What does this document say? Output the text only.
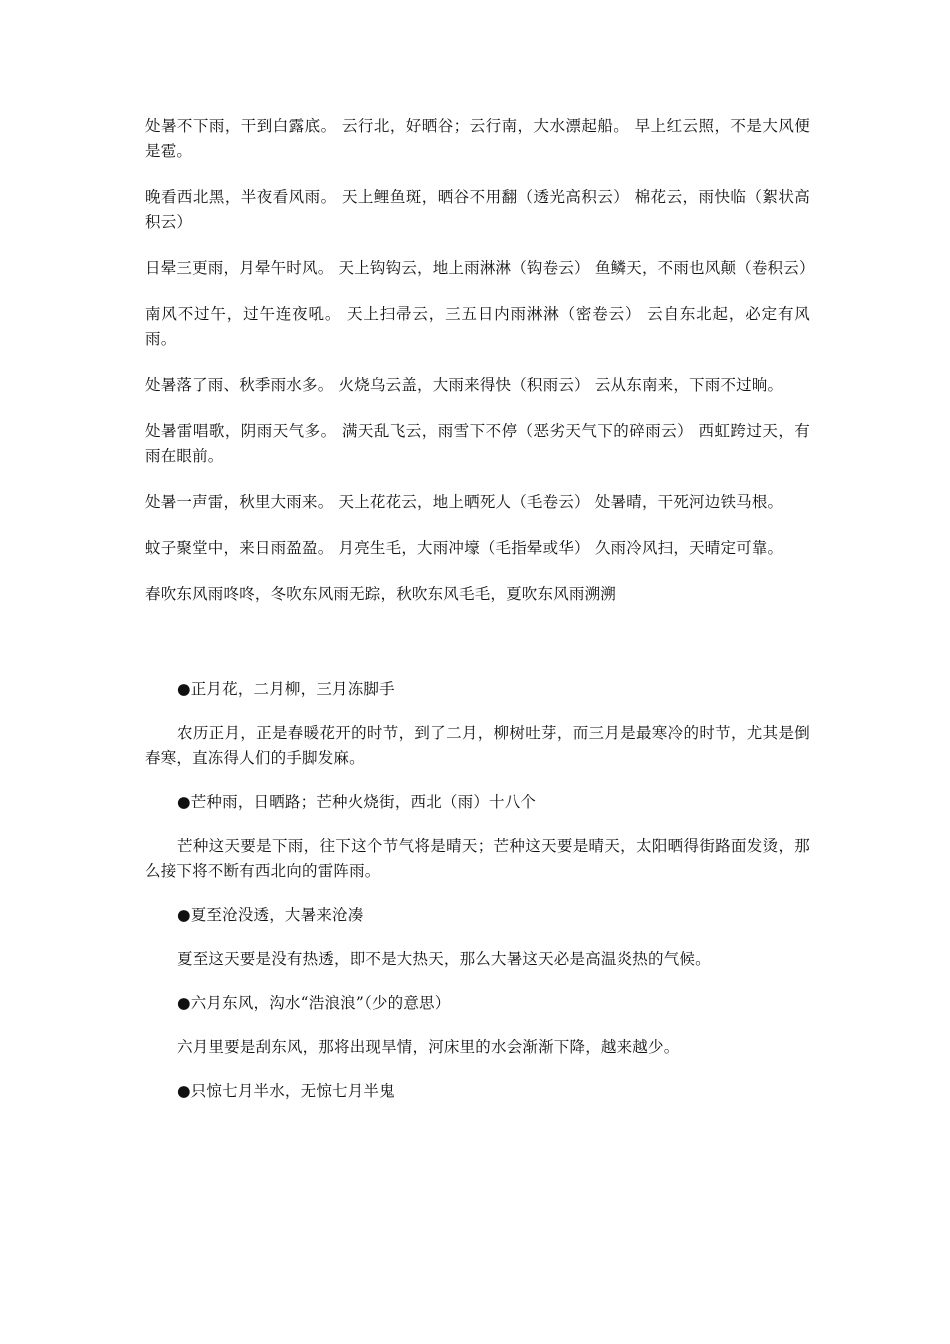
处暑不下雨，干到白露底。 云行北，好晒谷；云行南，大水漂起船。 早上红云照，不是大风便是雹。

晚看西北黑，半夜看风雨。 天上鲤鱼斑，晒谷不用翻（透光高积云） 棉花云，雨快临（絮状高积云）

日晕三更雨，月晕午时风。 天上钩钩云，地上雨淋淋（钩卷云） 鱼鳞天，不雨也风颠（卷积云）

南风不过午，过午连夜吼。 天上扫帚云，三五日内雨淋淋（密卷云） 云自东北起，必定有风雨。

处暑落了雨、秋季雨水多。 火烧乌云盖，大雨来得快（积雨云） 云从东南来，下雨不过晌。

处暑雷唱歌，阴雨天气多。 满天乱飞云，雨雪下不停（恶劣天气下的碎雨云） 西虹跨过天，有雨在眼前。

处暑一声雷，秋里大雨来。 天上花花云，地上晒死人（毛卷云） 处暑晴，干死河边铁马根。

蚊子聚堂中，来日雨盈盈。 月亮生毛，大雨冲壕（毛指晕或华） 久雨冷风扫，天晴定可靠。

春吹东风雨咚咚，冬吹东风雨无踪，秋吹东风毛毛，夏吹东风雨溯溯

●正月花，二月柳，三月冻脚手

农历正月，正是春暖花开的时节，到了二月，柳树吐芽，而三月是最寒冷的时节，尤其是倒春寒，直冻得人们的手脚发麻。

●芒种雨，日晒路；芒种火烧街，西北（雨）十八个

芒种这天要是下雨，往下这个节气将是晴天；芒种这天要是晴天，太阳晒得街路面发烫，那么接下将不断有西北向的雷阵雨。

●夏至沧没透，大暑来沧凑

夏至这天要是没有热透，即不是大热天，那么大暑这天必是高温炎热的气候。

●六月东风，沟水“浩浪浪”（少的意思）

六月里要是刮东风，那将出现旱情，河床里的水会渐渐下降，越来越少。

●只惊七月半水，无惊七月半鬼
